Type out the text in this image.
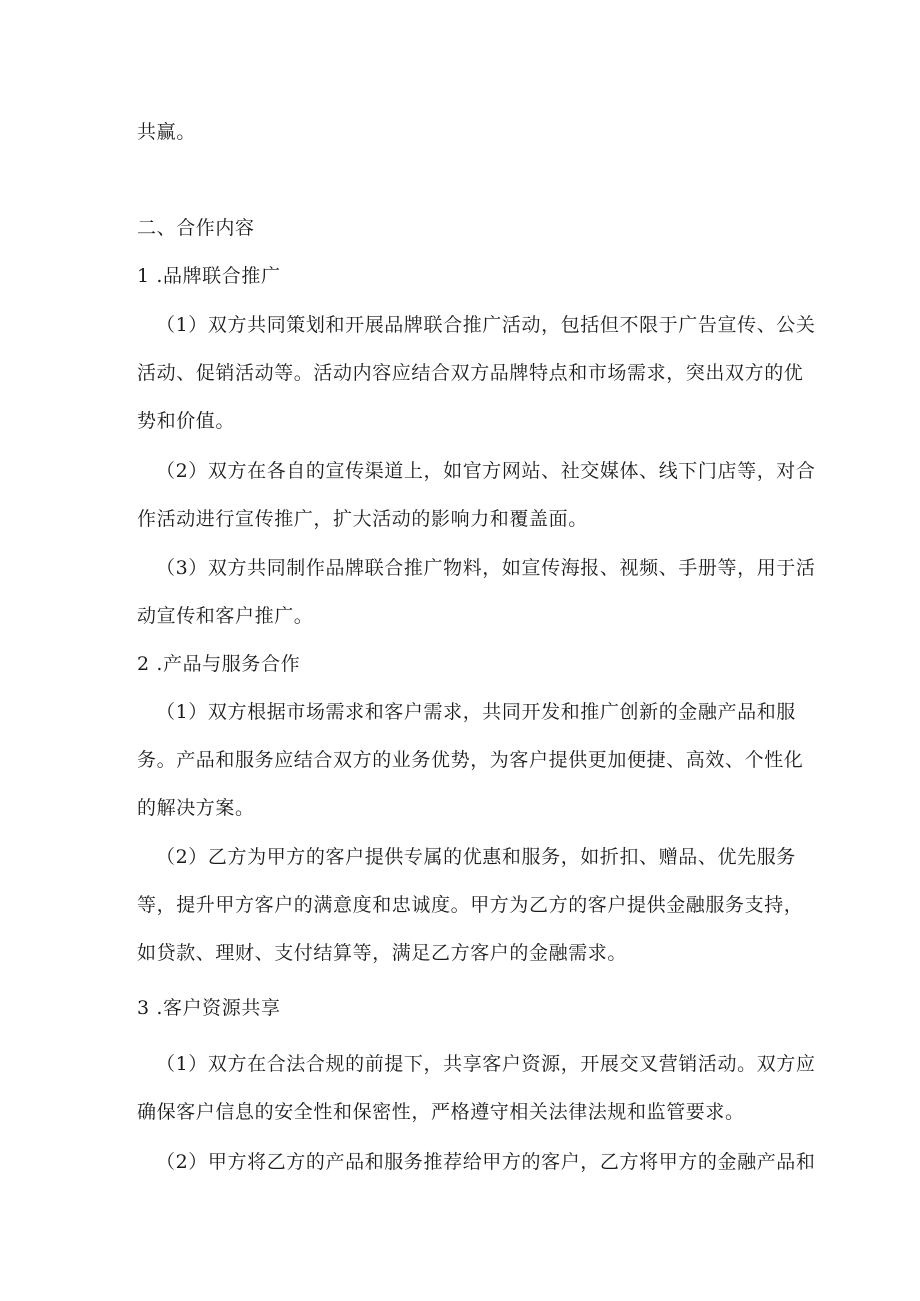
共赢。
二、合作内容
1 .品牌联合推广
（1）双方共同策划和开展品牌联合推广活动，包括但不限于广告宣传、公关
活动、促销活动等。活动内容应结合双方品牌特点和市场需求，突出双方的优
势和价值。
（2）双方在各自的宣传渠道上，如官方网站、社交媒体、线下门店等，对合
作活动进行宣传推广，扩大活动的影响力和覆盖面。
（3）双方共同制作品牌联合推广物料，如宣传海报、视频、手册等，用于活
动宣传和客户推广。
2 .产品与服务合作
（1）双方根据市场需求和客户需求，共同开发和推广创新的金融产品和服
务。产品和服务应结合双方的业务优势，为客户提供更加便捷、高效、个性化
的解决方案。
（2）乙方为甲方的客户提供专属的优惠和服务，如折扣、赠品、优先服务
等，提升甲方客户的满意度和忠诚度。甲方为乙方的客户提供金融服务支持，
如贷款、理财、支付结算等，满足乙方客户的金融需求。
3 .客户资源共享
（1）双方在合法合规的前提下，共享客户资源，开展交叉营销活动。双方应
确保客户信息的安全性和保密性，严格遵守相关法律法规和监管要求。
（2）甲方将乙方的产品和服务推荐给甲方的客户，乙方将甲方的金融产品和
